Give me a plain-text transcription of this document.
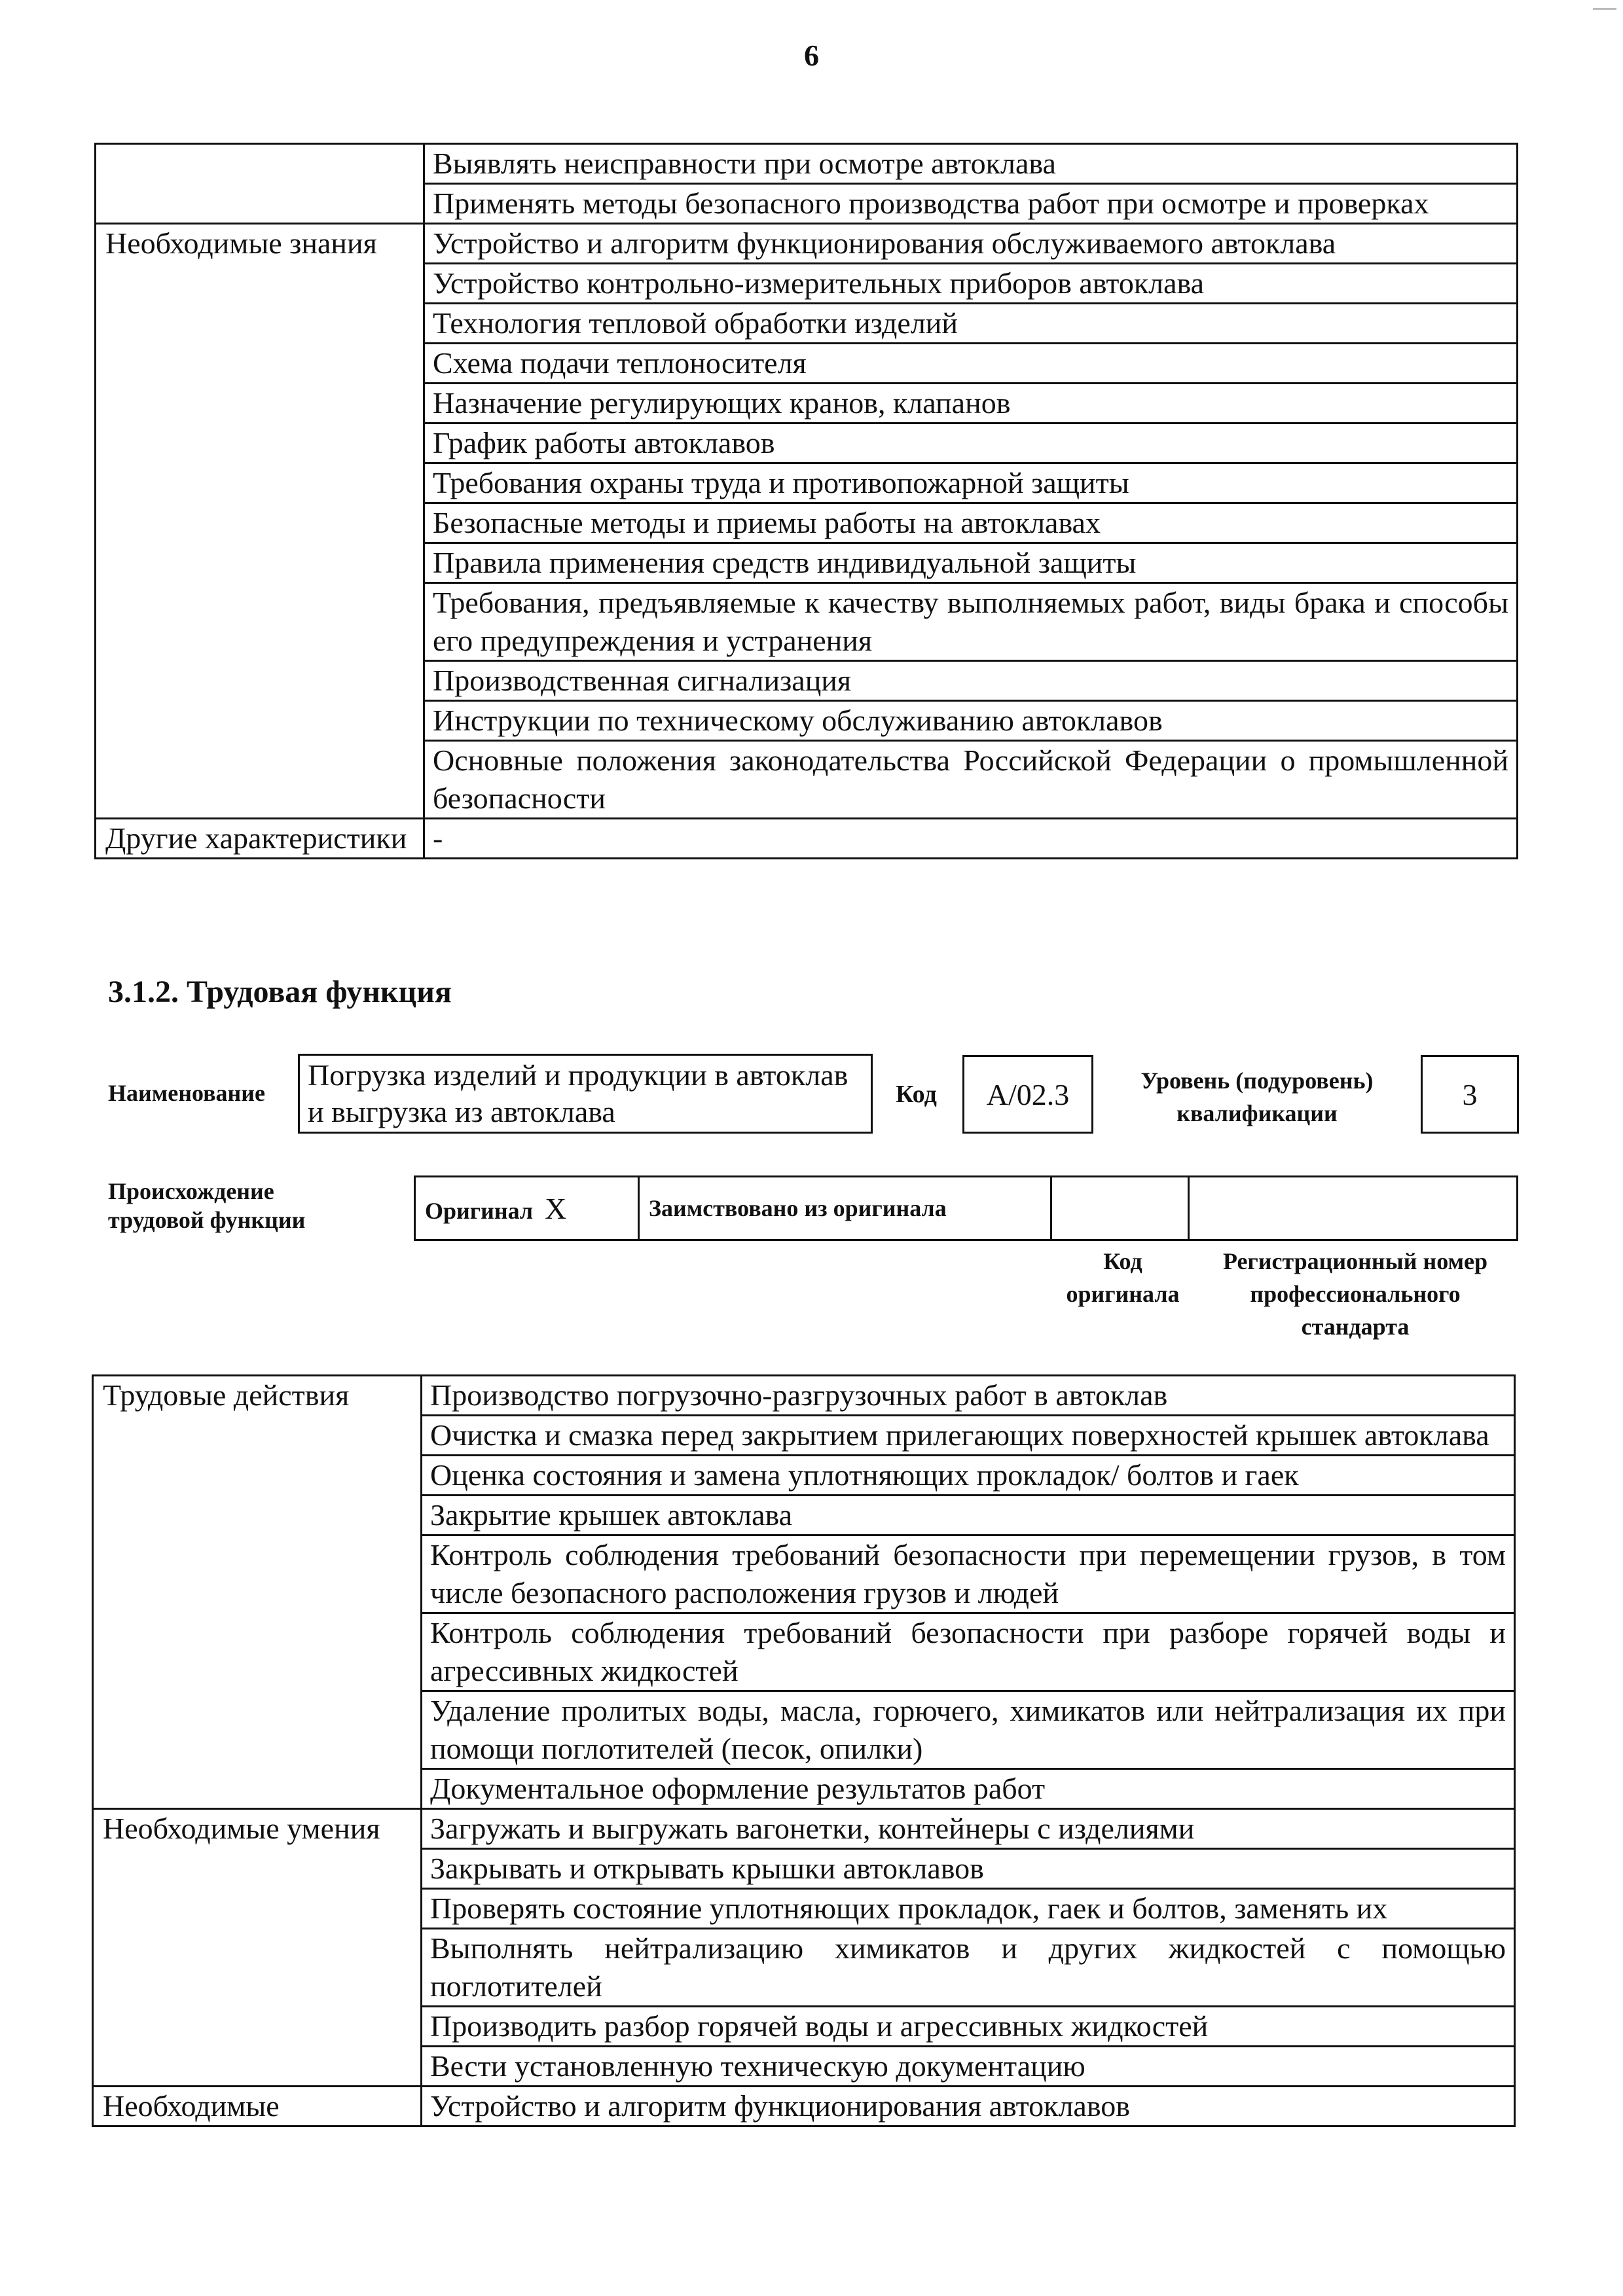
6
	Выявлять неисправности при осмотре автоклава
	Применять методы безопасного производства работ при осмотре и проверках
Необходимые знания	Устройство и алгоритм функционирования обслуживаемого автоклава
	Устройство контрольно-измерительных приборов автоклава
	Технология тепловой обработки изделий
	Схема подачи теплоносителя
	Назначение регулирующих кранов, клапанов
	График работы автоклавов
	Требования охраны труда и противопожарной защиты
	Безопасные методы и приемы работы на автоклавах
	Правила применения средств индивидуальной защиты
	Требования, предъявляемые к качеству выполняемых работ, виды брака и способы его предупреждения и устранения
	Производственная сигнализация
	Инструкции по техническому обслуживанию автоклавов
	Основные положения законодательства Российской Федерации о промышленной безопасности
Другие характеристики	-
3.1.2. Трудовая функция
Наименование
Погрузка изделий и продукции в автоклав и выгрузка из автоклава
Код	А/02.3	Уровень (подуровень) квалификации
3
Происхождение трудовой функции	Оригинал X	Заимствовано из оригинала		
Код оригинала
Регистрационный номер профессионального стандарта
Трудовые действия	Производство погрузочно-разгрузочных работ в автоклав
	Очистка и смазка перед закрытием прилегающих поверхностей крышек автоклава
	Оценка состояния и замена уплотняющих прокладок/ болтов и гаек
	Закрытие крышек автоклава
	Контроль соблюдения требований безопасности при перемещении грузов, в том числе безопасного расположения грузов и людей
	Контроль соблюдения требований безопасности при разборе горячей воды и агрессивных жидкостей
	Удаление пролитых воды, масла, горючего, химикатов или нейтрализация их при помощи поглотителей (песок, опилки)
	Документальное оформление результатов работ
Необходимые умения	Загружать и выгружать вагонетки, контейнеры с изделиями
	Закрывать и открывать крышки автоклавов
	Проверять состояние уплотняющих прокладок, гаек и болтов, заменять их
	Выполнять нейтрализацию химикатов и других жидкостей с помощью поглотителей
	Производить разбор горячей воды и агрессивных жидкостей
	Вести установленную техническую документацию
Необходимые	Устройство и алгоритм функционирования автоклавов
